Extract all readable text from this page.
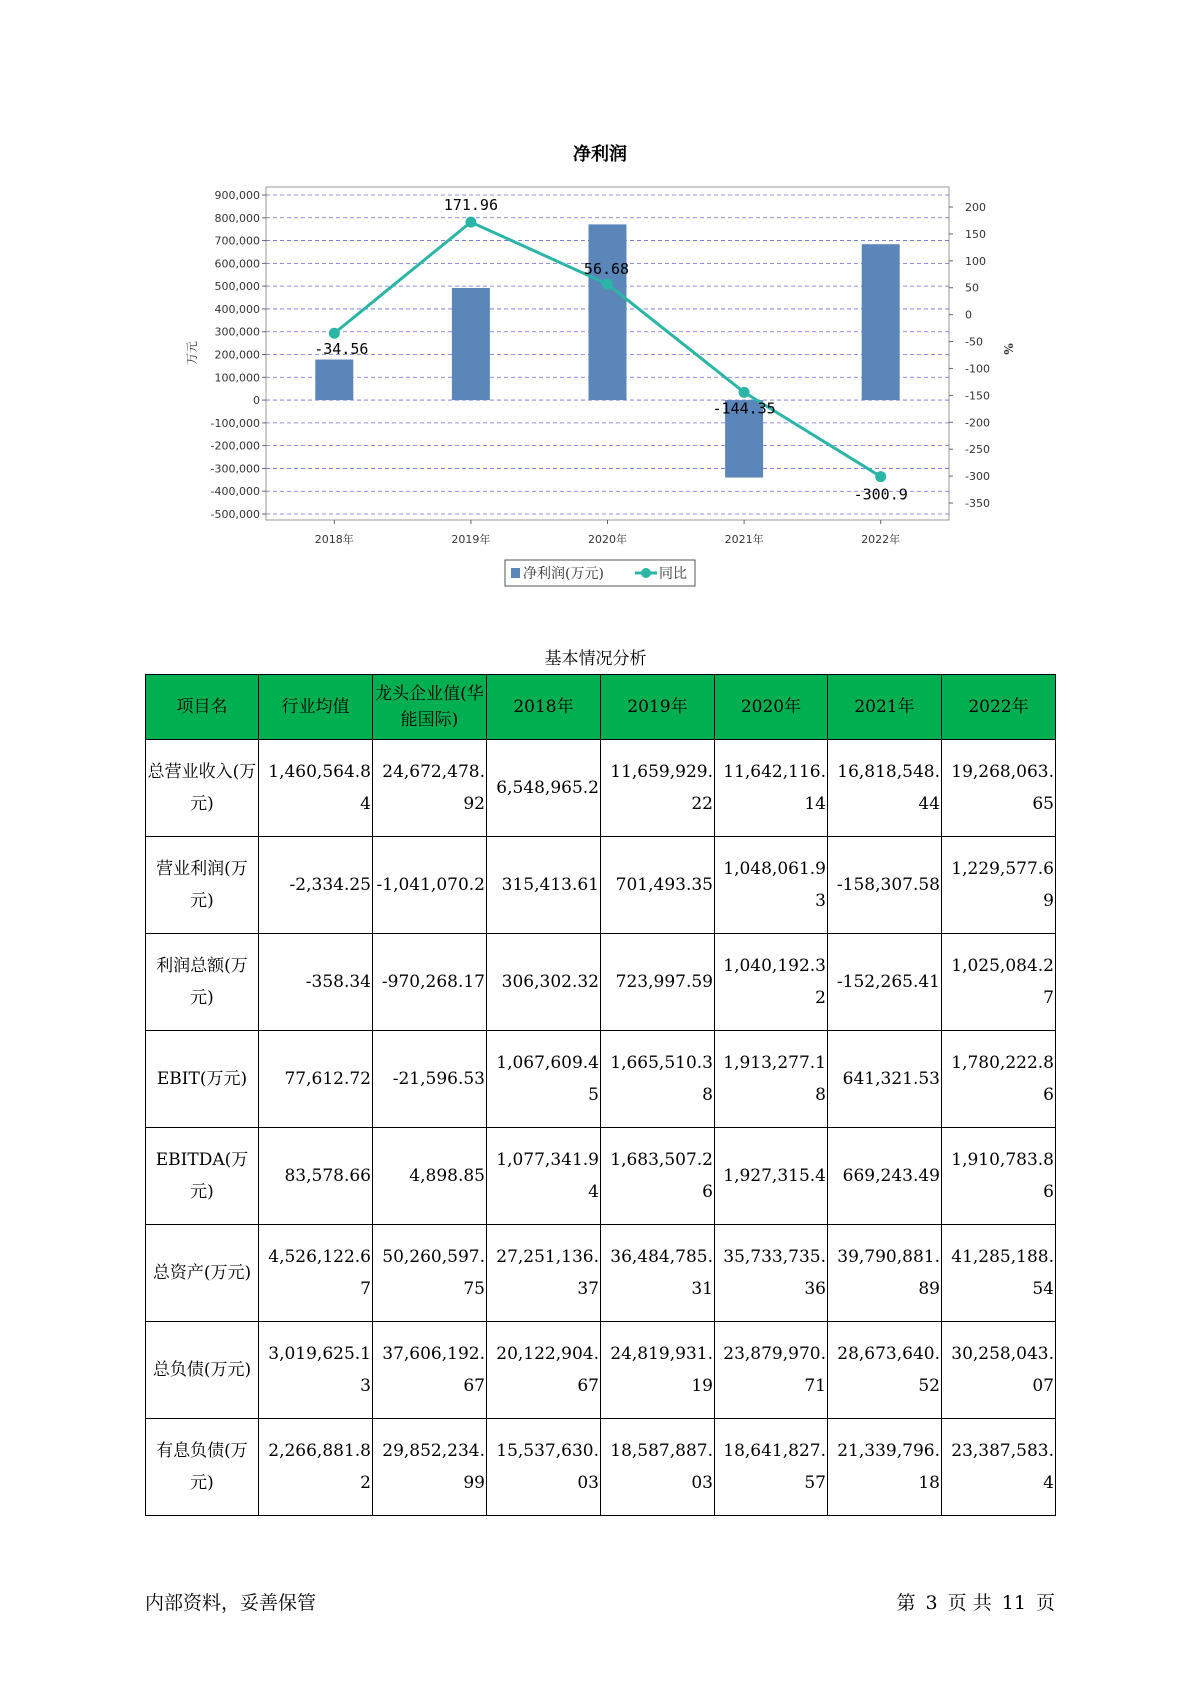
净利润
900,000
800,000
700,000
600,000
500,000
400,000
300,000
200,000
100,000
0
-100,000
-200,000
-300,000
-400,000
-500,000
200
150
100
50
0
-50
-100
-150
-200
-250
-300
-350
2018年	2019年	2020年	2021年	2022年
-34.56
171.96
56.68
-144.35
-300.9
万元	%
净利润(万元)	同比
基本情况分析
项目名	行业均值	龙头企业值(华能国际)	2018年	2019年	2020年	2021年	2022年
总营业收入(万元)	1,460,564.84	24,672,478.92	6,548,965.2	11,659,929.22	11,642,116.14	16,818,548.44	19,268,063.65
营业利润(万元)	-2,334.25	-1,041,070.2	315,413.61	701,493.35	1,048,061.93	-158,307.58	1,229,577.69
利润总额(万元)	-358.34	-970,268.17	306,302.32	723,997.59	1,040,192.32	-152,265.41	1,025,084.27
EBIT(万元)	77,612.72	-21,596.53	1,067,609.45	1,665,510.38	1,913,277.18	641,321.53	1,780,222.86
EBITDA(万元)	83,578.66	4,898.85	1,077,341.94	1,683,507.26	1,927,315.4	669,243.49	1,910,783.86
总资产(万元)	4,526,122.67	50,260,597.75	27,251,136.37	36,484,785.31	35,733,735.36	39,790,881.89	41,285,188.54
总负债(万元)	3,019,625.13	37,606,192.67	20,122,904.67	24,819,931.19	23,879,970.71	28,673,640.52	30,258,043.07
有息负债(万元)	2,266,881.82	29,852,234.99	15,537,630.03	18,587,887.03	18,641,827.57	21,339,796.18	23,387,583.4
内部资料，妥善保管	第 3 页 共 11 页
